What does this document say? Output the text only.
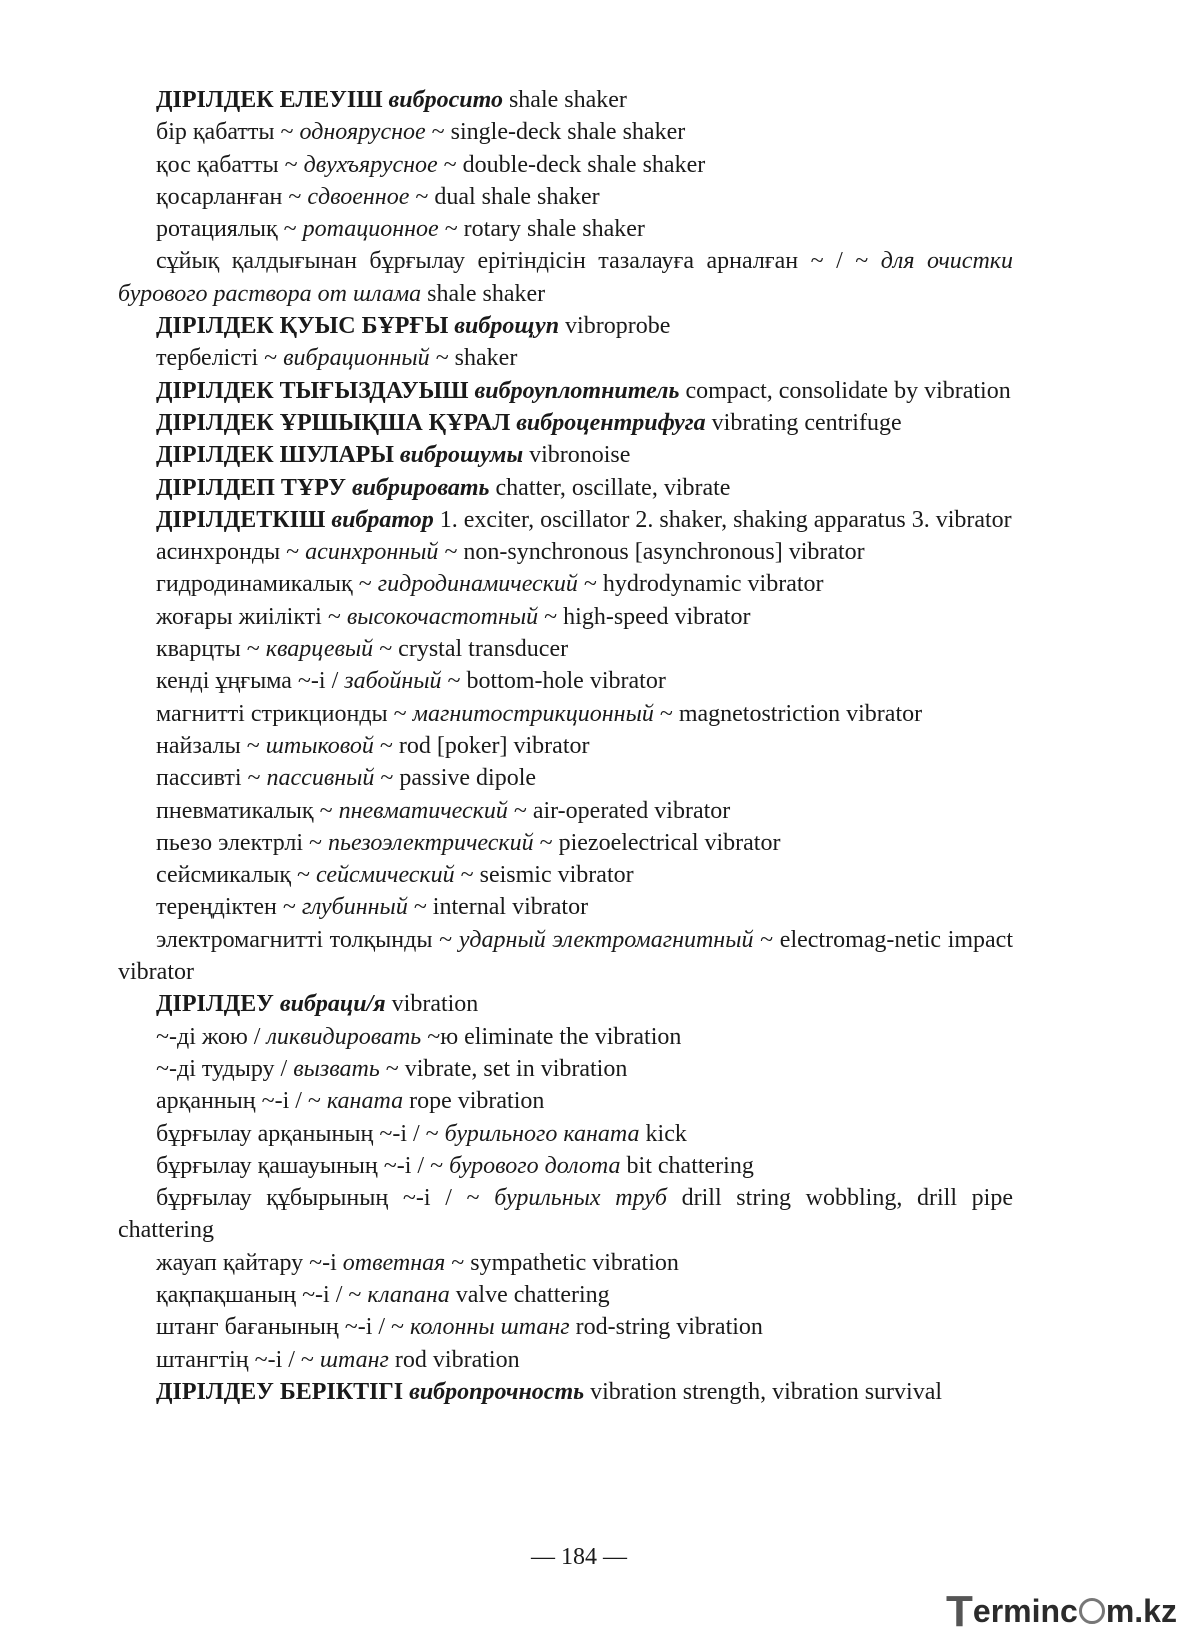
ДІРІЛДЕК ЕЛЕУІШ вибросито shale shaker
бір қабатты ~ одноярусное ~ single-deck shale shaker
қос қабатты ~ двухъярусное ~ double-deck shale shaker
қосарланған ~ сдвоенное ~ dual shale shaker
ротациялық ~ ротационное ~ rotary shale shaker
сұйық қалдығынан бұрғылау ерітіндісін тазалауға арналған ~ / ~ для очистки бурового раствора от шлама shale shaker
ДІРІЛДЕК ҚУЫС БҰРҒЫ виброщуп vibroprobe
тербелісті ~ вибрационный ~ shaker
ДІРІЛДЕК ТЫҒЫЗДАУЫШ виброуплотнитель compact, consolidate by vibration
ДІРІЛДЕК ҰРШЫҚША ҚҰРАЛ виброцентрифуга vibrating centrifuge
ДІРІЛДЕК ШУЛАРЫ виброшумы vibronoise
ДІРІЛДЕП ТҰРУ вибрировать chatter, oscillate, vibrate
ДІРІЛДЕТКІШ вибратор 1. exciter, oscillator 2. shaker, shaking apparatus 3. vibrator
асинхронды ~ асинхронный ~ non-synchronous [asynchronous] vibrator
гидродинамикалық ~ гидродинамический ~ hydrodynamic vibrator
жоғары жиілікті ~ высокочастотный ~ high-speed vibrator
кварцты ~ кварцевый ~ crystal transducer
кенді ұңғыма ~-і / забойный ~ bottom-hole vibrator
магнитті стрикционды ~ магнитострикционный ~ magnetostriction vibrator
найзалы ~ штыковой ~ rod [poker] vibrator
пассивті ~ пассивный ~ passive dipole
пневматикалық ~ пневматический ~ air-operated vibrator
пьезо электрлі ~ пьезоэлектрический ~ piezoelectrical vibrator
сейсмикалық ~ сейсмический ~ seismic vibrator
тереңдіктен ~ глубинный ~ internal vibrator
электромагнитті толқынды ~ ударный электромагнитный ~ electromag-netic impact vibrator
ДІРІЛДЕУ вибраци/я vibration
~-ді жою / ликвидировать ~ю eliminate the vibration
~-ді тудыру / вызвать ~ vibrate, set in vibration
арқанның ~-і / ~ каната rope vibration
бұрғылау арқанының ~-і / ~ бурильного каната kick
бұрғылау қашауының ~-і / ~ бурового долота bit chattering
бұрғылау құбырының ~-і / ~ бурильных труб drill string wobbling, drill pipe chattering
жауап қайтару ~-і ответная ~ sympathetic vibration
қақпақшаның ~-і / ~ клапана valve chattering
штанг бағанының ~-і / ~ колонны штанг rod-string vibration
штангтің ~-і / ~ штанг rod vibration
ДІРІЛДЕУ БЕРІКТІГІ вибропрочность vibration strength, vibration survival
— 184 —
Terminc m.kz
